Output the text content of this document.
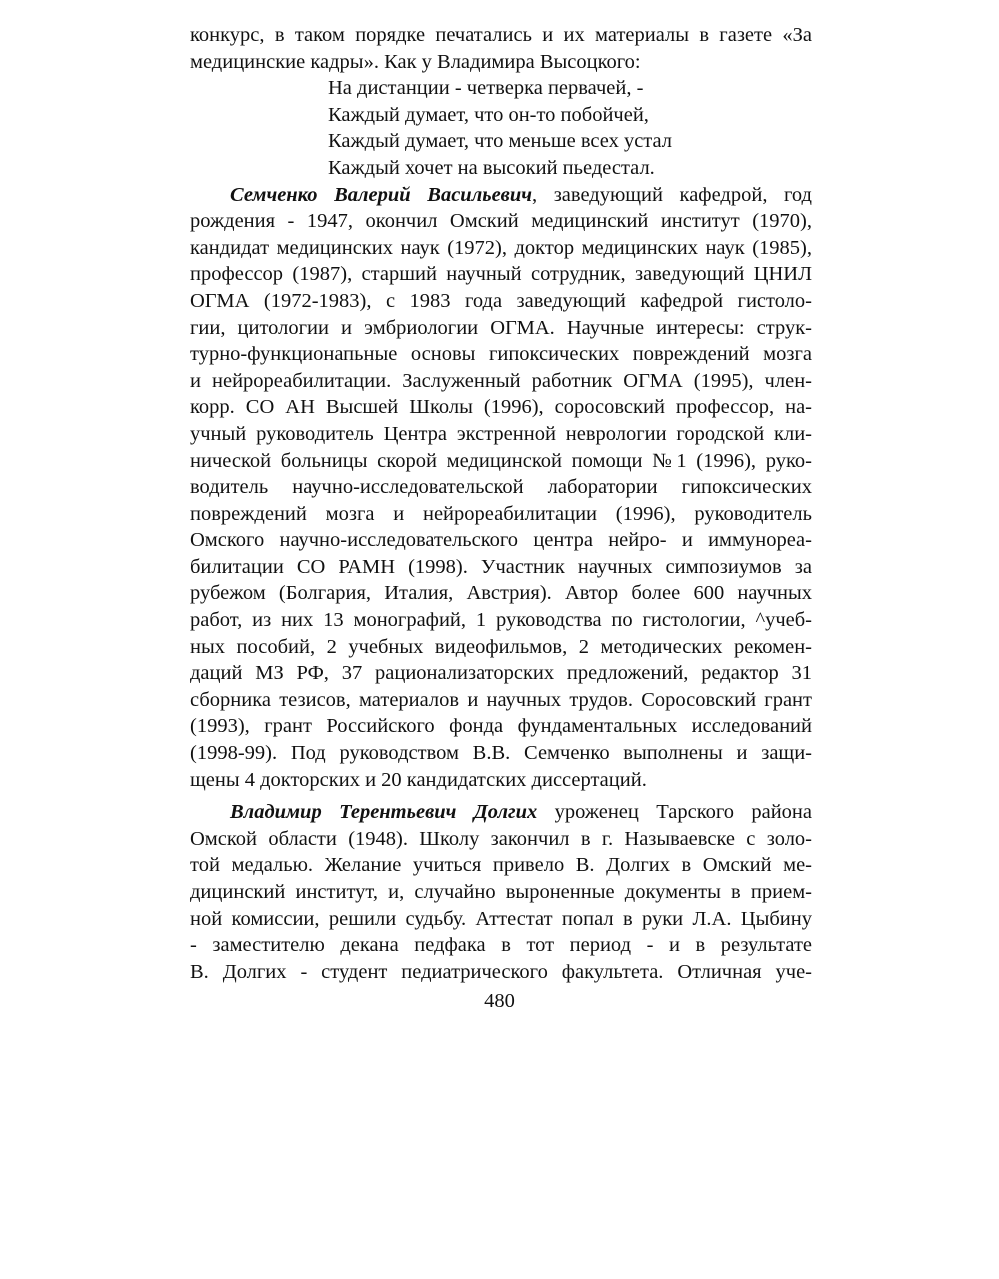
конкурс, в таком порядке печатались и их материалы в газете «За
медицинские кадры». Как у Владимира Высоцкого:
На дистанции - четверка первачей, -
Каждый думает, что он-то побойчей,
Каждый думает, что меньше всех устал
Каждый хочет на высокий пьедестал.
Семченко Валерий Васильевич, заведующий кафедрой, год
рождения - 1947, окончил Омский медицинский институт (1970),
кандидат медицинских наук (1972), доктор медицинских наук (1985),
профессор (1987), старший научный сотрудник, заведующий ЦНИЛ
ОГМА (1972-1983), с 1983 года заведующий кафедрой гистоло-
гии, цитологии и эмбриологии ОГМА. Научные интересы: струк-
турно-функционапьные основы гипоксических повреждений мозга
и нейрореабилитации. Заслуженный работник ОГМА (1995), член-
корр. СО АН Высшей Школы (1996), соросовский профессор, на-
учный руководитель Центра экстренной неврологии городской кли-
нической больницы скорой медицинской помощи №1 (1996), руко-
водитель научно-исследовательской лаборатории гипоксических
повреждений мозга и нейрореабилитации (1996), руководитель
Омского научно-исследовательского центра нейро- и иммунореа-
билитации СО РАМН (1998). Участник научных симпозиумов за
рубежом (Болгария, Италия, Австрия). Автор более 600 научных
работ, из них 13 монографий, 1 руководства по гистологии, ^учеб-
ных пособий, 2 учебных видеофильмов, 2 методических рекомен-
даций МЗ РФ, 37 рационализаторских предложений, редактор 31
сборника тезисов, материалов и научных трудов. Соросовский грант
(1993), грант Российского фонда фундаментальных исследований
(1998-99). Под руководством В.В. Семченко выполнены и защи-
щены 4 докторских и 20 кандидатских диссертаций.
Владимир Терентьевич Долгих уроженец Тарского района
Омской области (1948). Школу закончил в г. Называевске с золо-
той медалью. Желание учиться привело В. Долгих в Омский ме-
дицинский институт, и, случайно выроненные документы в прием-
ной комиссии, решили судьбу. Аттестат попал в руки Л.А. Цыбину
- заместителю декана педфака в тот период - и в результате
В. Долгих - студент педиатрического факультета. Отличная уче-
480
